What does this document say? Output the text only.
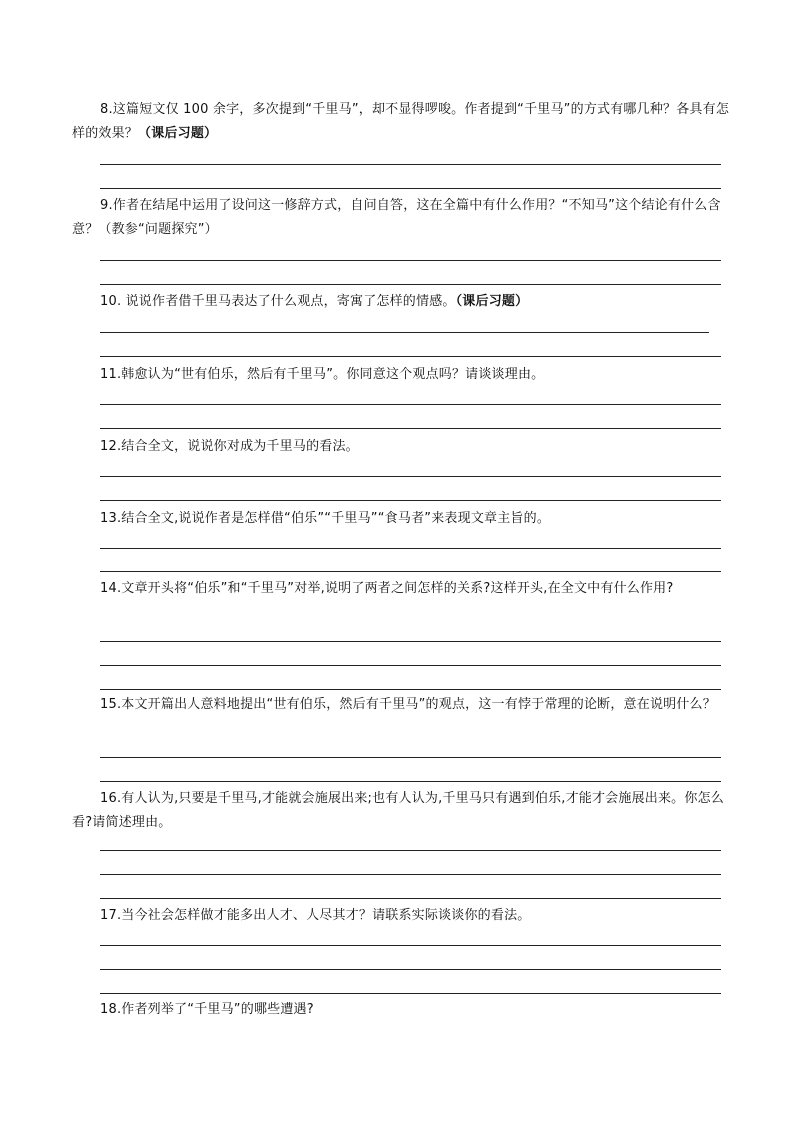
8.这篇短文仅 100 余字，多次提到“千里马”，却不显得啰唆。作者提到“千里马”的方式有哪几种？各具有怎样的效果？（课后习题）
9.作者在结尾中运用了设问这一修辞方式，自问自答，这在全篇中有什么作用？“不知马”这个结论有什么含意？（教参“问题探究”）
10. 说说作者借千里马表达了什么观点，寄寓了怎样的情感。（课后习题）
11.韩愈认为“世有伯乐，然后有千里马”。你同意这个观点吗？请谈谈理由。
12.结合全文，说说你对成为千里马的看法。
13.结合全文,说说作者是怎样借“伯乐”“千里马”“食马者”来表现文章主旨的。
14.文章开头将“伯乐”和“千里马”对举,说明了两者之间怎样的关系?这样开头,在全文中有什么作用?
15.本文开篇出人意料地提出“世有伯乐，然后有千里马”的观点，这一有悖于常理的论断，意在说明什么？
16.有人认为,只要是千里马,才能就会施展出来;也有人认为,千里马只有遇到伯乐,才能才会施展出来。你怎么看?请简述理由。
17.当今社会怎样做才能多出人才、人尽其才？请联系实际谈谈你的看法。
18.作者列举了“千里马”的哪些遭遇?
